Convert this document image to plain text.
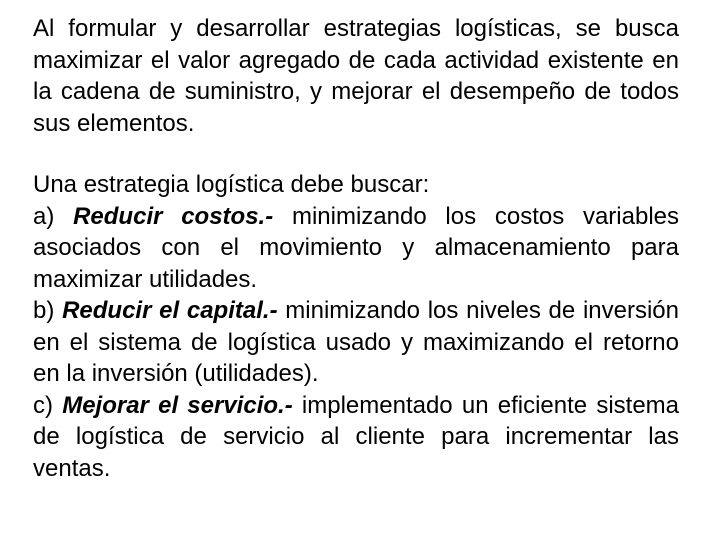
Al formular y desarrollar estrategias logísticas, se busca maximizar el valor agregado de cada actividad existente en la cadena de suministro, y mejorar el desempeño de todos sus elementos.

Una estrategia logística debe buscar:

a) Reducir costos.- minimizando los costos variables asociados con el movimiento y almacenamiento para maximizar utilidades.

b) Reducir el capital.- minimizando los niveles de inversión en el sistema de logística usado y maximizando el retorno en la inversión (utilidades).

c) Mejorar el servicio.- implementado un eficiente sistema de logística de servicio al cliente para incrementar las ventas.
